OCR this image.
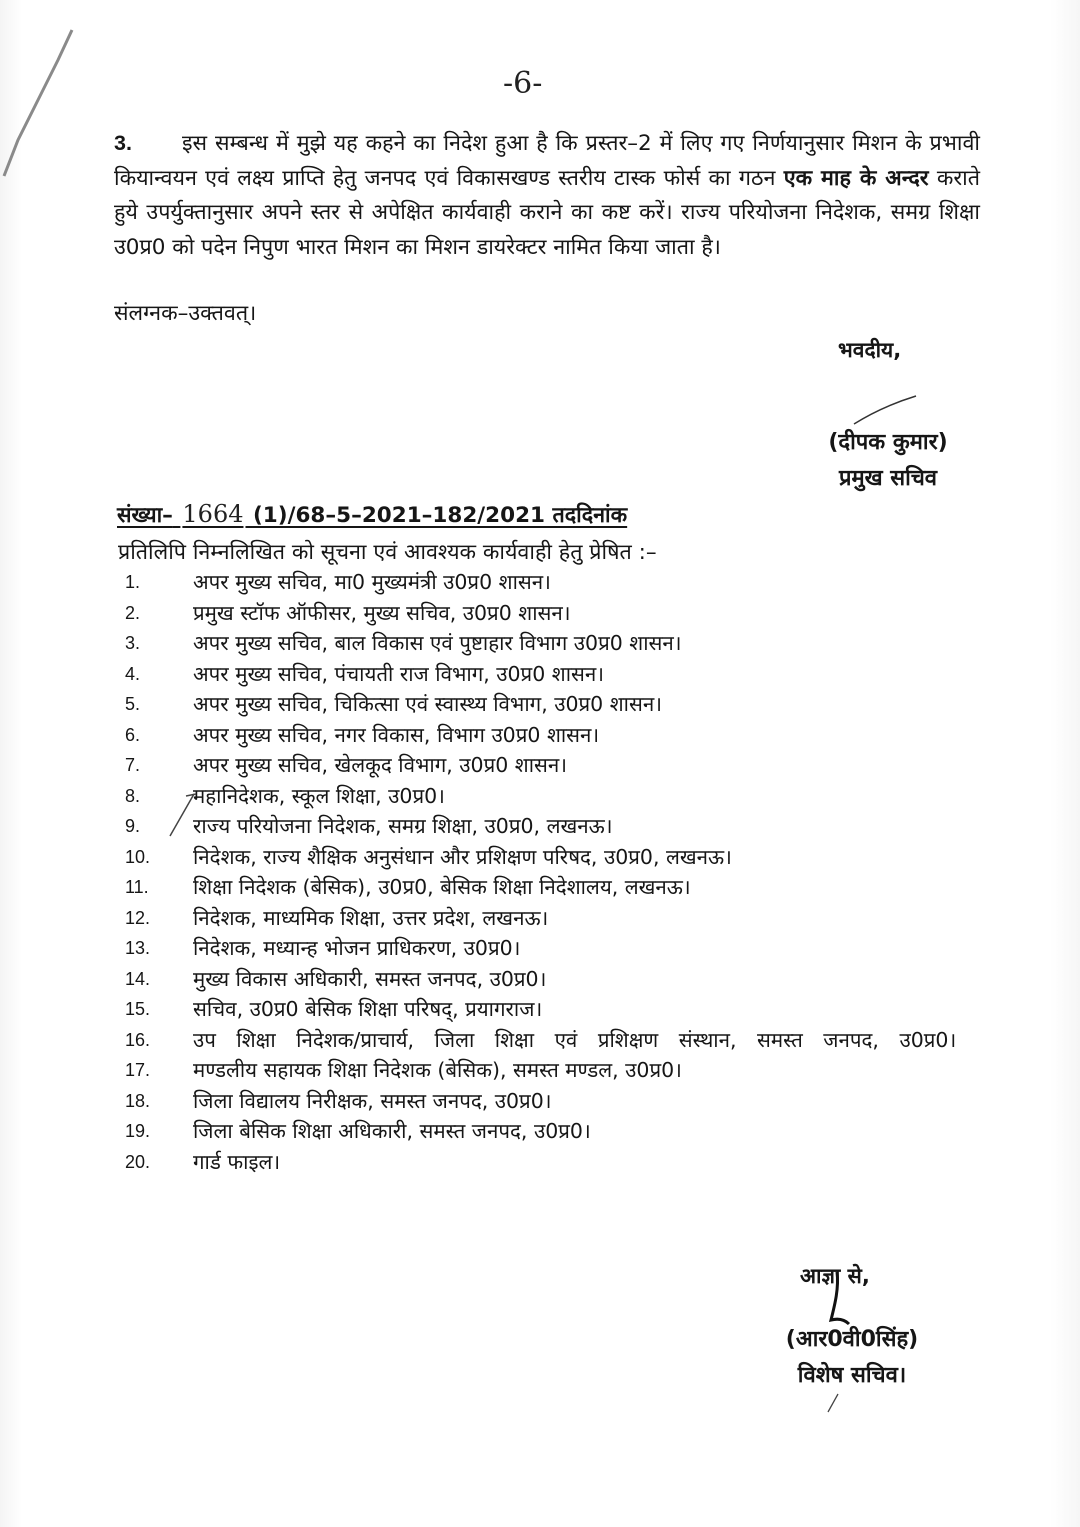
-6-
3. इस सम्बन्ध में मुझे यह कहने का निदेश हुआ है कि प्रस्तर–2 में लिए गए निर्णयानुसार मिशन के प्रभावी कियान्वयन एवं लक्ष्य प्राप्ति हेतु जनपद एवं विकासखण्ड स्तरीय टास्क फोर्स का गठन एक माह के अन्दर कराते हुये उपर्युक्तानुसार अपने स्तर से अपेक्षित कार्यवाही कराने का कष्ट करें। राज्य परियोजना निदेशक, समग्र शिक्षा उ0प्र0 को पदेन निपुण भारत मिशन का मिशन डायरेक्टर नामित किया जाता है।
संलग्नक–उक्तवत्।
भवदीय,
(दीपक कुमार)
प्रमुख सचिव
संख्या– 1664 (1)/68–5–2021–182/2021 तददिनांक
प्रतिलिपि निम्नलिखित को सूचना एवं आवश्यक कार्यवाही हेतु प्रेषित :–
1.	अपर मुख्य सचिव, मा0 मुख्यमंत्री उ0प्र0 शासन।
2.	प्रमुख स्टॉफ ऑफीसर, मुख्य सचिव, उ0प्र0 शासन।
3.	अपर मुख्य सचिव, बाल विकास एवं पुष्टाहार विभाग उ0प्र0 शासन।
4.	अपर मुख्य सचिव, पंचायती राज विभाग, उ0प्र0 शासन।
5.	अपर मुख्य सचिव, चिकित्सा एवं स्वास्थ्य विभाग, उ0प्र0 शासन।
6.	अपर मुख्य सचिव, नगर विकास, विभाग उ0प्र0 शासन।
7.	अपर मुख्य सचिव, खेलकूद विभाग, उ0प्र0 शासन।
8.	महानिदेशक, स्कूल शिक्षा, उ0प्र0।
9.	राज्य परियोजना निदेशक, समग्र शिक्षा, उ0प्र0, लखनऊ।
10.	निदेशक, राज्य शैक्षिक अनुसंधान और प्रशिक्षण परिषद, उ0प्र0, लखनऊ।
11.	शिक्षा निदेशक (बेसिक), उ0प्र0, बेसिक शिक्षा निदेशालय, लखनऊ।
12.	निदेशक, माध्यमिक शिक्षा, उत्तर प्रदेश, लखनऊ।
13.	निदेशक, मध्यान्ह भोजन प्राधिकरण, उ0प्र0।
14.	मुख्य विकास अधिकारी, समस्त जनपद, उ0प्र0।
15.	सचिव, उ0प्र0 बेसिक शिक्षा परिषद्, प्रयागराज।
16.	उप शिक्षा निदेशक/प्राचार्य, जिला शिक्षा एवं प्रशिक्षण संस्थान, समस्त जनपद, उ0प्र0।
17.	मण्डलीय सहायक शिक्षा निदेशक (बेसिक), समस्त मण्डल, उ0प्र0।
18.	जिला विद्यालय निरीक्षक, समस्त जनपद, उ0प्र0।
19.	जिला बेसिक शिक्षा अधिकारी, समस्त जनपद, उ0प्र0।
20.	गार्ड फाइल।
आज्ञा से,
(आर0वी0सिंह)
विशेष सचिव।
